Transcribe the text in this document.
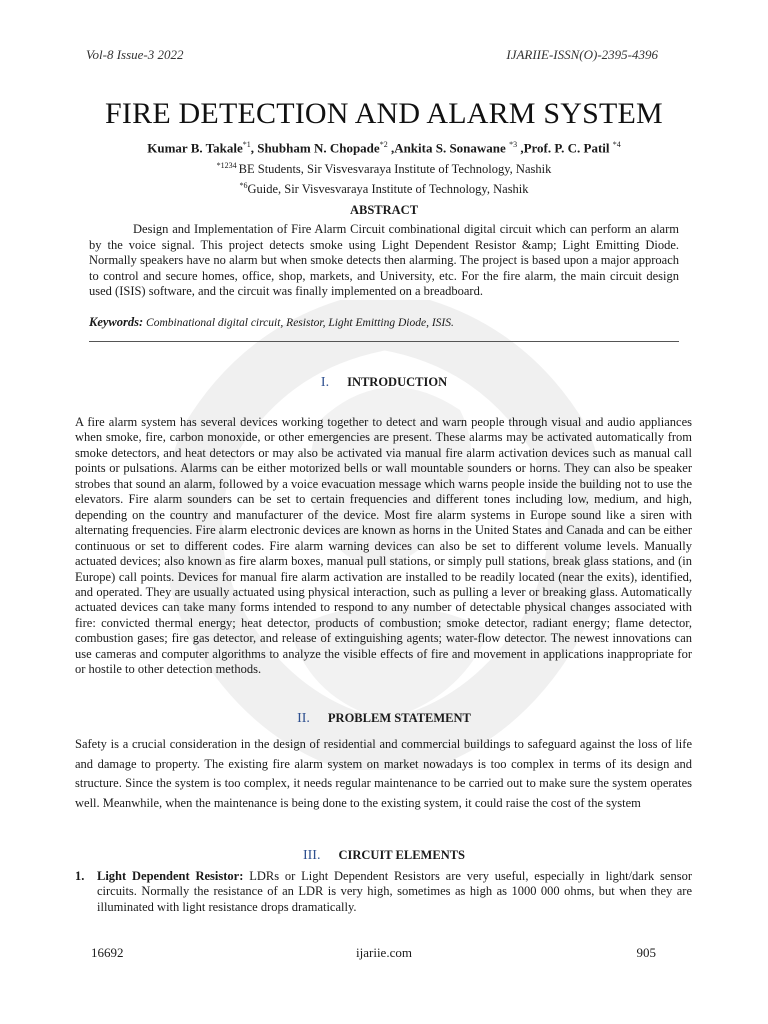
Vol-8 Issue-3 2022	IJARIIE-ISSN(O)-2395-4396
FIRE DETECTION AND ALARM SYSTEM
Kumar B. Takale$^{*1}$, Shubham N. Chopade$^{*2}$ ,Ankita S. Sonawane $^{*3}$ ,Prof. P. C. Patil $^{*4}$
$^{*1234}$ BE Students, Sir Visvesvaraya Institute of Technology, Nashik
$^{*6}$Guide, Sir Visvesvaraya Institute of Technology, Nashik
ABSTRACT

Design and Implementation of Fire Alarm Circuit combinational digital circuit which can perform an alarm by the voice signal. This project detects smoke using Light Dependent Resistor &amp; Light Emitting Diode. Normally speakers have no alarm but when smoke detects then alarming. The project is based upon a major approach to control and secure homes, office, shop, markets, and University, etc. For the fire alarm, the main circuit design used (ISIS) software, and the circuit was finally implemented on a breadboard.

Keywords: Combinational digital circuit, Resistor, Light Emitting Diode, ISIS.
I. INTRODUCTION

A fire alarm system has several devices working together to detect and warn people through visual and audio appliances when smoke, fire, carbon monoxide, or other emergencies are present. These alarms may be activated automatically from smoke detectors, and heat detectors or may also be activated via manual fire alarm activation devices such as manual call points or pulsations. Alarms can be either motorized bells or wall mountable sounders or horns. They can also be speaker strobes that sound an alarm, followed by a voice evacuation message which warns people inside the building not to use the elevators. Fire alarm sounders can be set to certain frequencies and different tones including low, medium, and high, depending on the country and manufacturer of the device. Most fire alarm systems in Europe sound like a siren with alternating frequencies. Fire alarm electronic devices are known as horns in the United States and Canada and can be either continuous or set to different codes. Fire alarm warning devices can also be set to different volume levels. Manually actuated devices; also known as fire alarm boxes, manual pull stations, or simply pull stations, break glass stations, and (in Europe) call points. Devices for manual fire alarm activation are installed to be readily located (near the exits), identified, and operated. They are usually actuated using physical interaction, such as pulling a lever or breaking glass. Automatically actuated devices can take many forms intended to respond to any number of detectable physical changes associated with fire: convicted thermal energy; heat detector, products of combustion; smoke detector, radiant energy; flame detector, combustion gases; fire gas detector, and release of extinguishing agents; water-flow detector. The newest innovations can use cameras and computer algorithms to analyze the visible effects of fire and movement in applications inappropriate for or hostile to other detection methods.

II. PROBLEM STATEMENT

Safety is a crucial consideration in the design of residential and commercial buildings to safeguard against the loss of life and damage to property. The existing fire alarm system on market nowadays is too complex in terms of its design and structure. Since the system is too complex, it needs regular maintenance to be carried out to make sure the system operates well. Meanwhile, when the maintenance is being done to the existing system, it could raise the cost of the system

III. CIRCUIT ELEMENTS
1. Light Dependent Resistor: LDRs or Light Dependent Resistors are very useful, especially in light/dark sensor circuits. Normally the resistance of an LDR is very high, sometimes as high as 1000 000 ohms, but when they are illuminated with light resistance drops dramatically.
16692	ijariie.com	905
